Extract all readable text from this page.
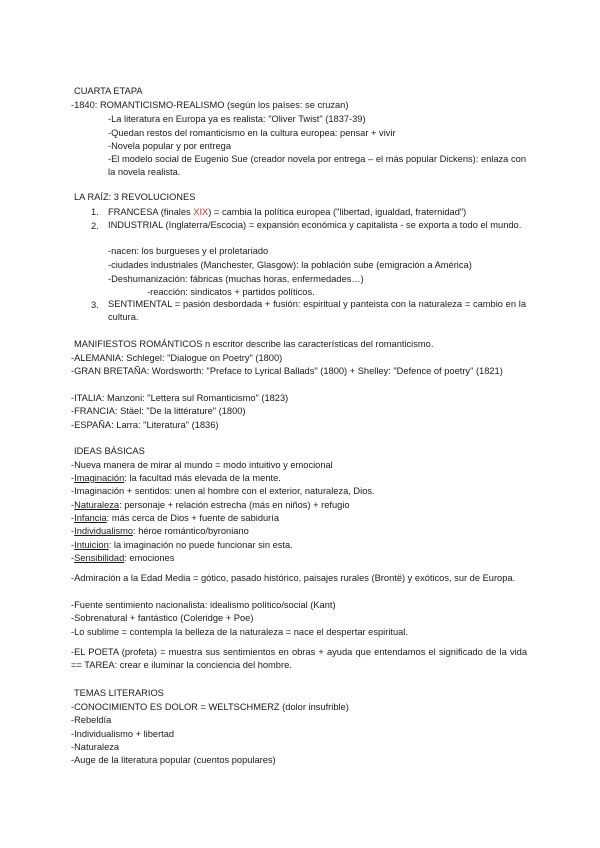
CUARTA ETAPA
-1840: ROMANTICISMO-REALISMO (según los países: se cruzan)
-La literatura en Europa ya es realista: "Oliver Twist" (1837-39)
-Quedan restos del romanticismo en la cultura europea: pensar + vivir
-Novela popular y por entrega
-El modelo social de Eugenio Sue (creador novela por entrega – el más popular Dickens): enlaza con la novela realista.
LA RAÍZ: 3 REVOLUCIONES
1. FRANCESA (finales XIX) = cambia la política europea ("libertad, igualdad, fraternidad")
2. INDUSTRIAL (Inglaterra/Escocia) = expansión económica y capitalista - se exporta a todo el mundo.
-nacen: los burgueses y el proletariado
-ciudades industriales (Manchester, Glasgow): la población sube (emigración a América)
-Deshumanización: fábricas (muchas horas, enfermedades…)
-reacción: sindicatos + partidos políticos.
3. SENTIMENTAL = pasión desbordada + fusión: espiritual y panteista con la naturaleza = cambio en la cultura.
MANIFIESTOS ROMÁNTICOS n escritor describe las características del romanticismo.
-ALEMANIA: Schlegel: "Dialogue on Poetry" (1800)
-GRAN BRETAÑA: Wordsworth: "Preface to Lyrical Ballads" (1800) + Shelley: "Defence of poetry" (1821)
-ITALIA: Manzoni: "Lettera sul Romanticismo" (1823)
-FRANCIA: Stäel: "De la littérature" (1800)
-ESPAÑA: Larra: "Literatura" (1836)
IDEAS BÁSICAS
-Nueva manera de mirar al mundo = modo intuitivo y emocional
-Imaginación: la facultad más elevada de la mente.
-Imaginación + sentidos: unen al hombre con el exterior, naturaleza, Dios.
-Naturaleza: personaje + relación estrecha (más en niños) + refugio
-Infancia: más cerca de Dios + fuente de sabiduría
-Individualismo: héroe romántico/byroniano
-Intuicion: la imaginación no puede funcionar sin esta.
-Sensibilidad: emociones
-Admiración a la Edad Media = gótico, pasado histórico, paisajes rurales (Brontë) y exóticos, sur de Europa.
-Fuente sentimiento nacionalista: idealismo político/social (Kant)
-Sobrenatural + fantástico (Coleridge + Poe)
-Lo sublime = contempla la belleza de la naturaleza = nace el despertar espiritual.
-EL POETA (profeta) = muestra sus sentimientos en obras + ayuda que entendamos el significado de la vida == TAREA: crear e iluminar la conciencia del hombre.
TEMAS LITERARIOS
-CONOCIMIENTO ES DOLOR = WELTSCHMERZ (dolor insufrible)
-Rebeldía
-Individualismo + libertad
-Naturaleza
-Auge de la literatura popular (cuentos populares)
